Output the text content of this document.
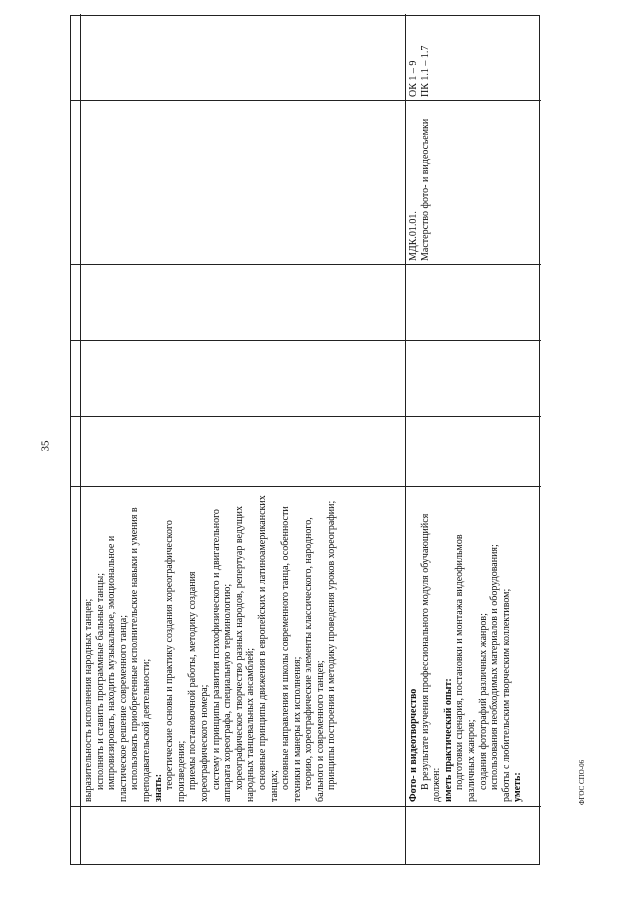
35
ФГОС СПО-06

выразительность исполнения народных танцев; исполнять и ставить программные бальные танцы; импровизировать, находить музыкальное, эмоциональное и пластическое решение современного танца; использовать приобретенные исполнительские навыки и умения в преподавательской деятельности; знать: теоретические основы и практику создания хореографического произведения; приемы постановочной работы, методику создания хореографического номера; систему и принципы развития психофизического и двигательного аппарата хореографа, специальную терминологию; хореографическое творчество разных народов, репертуар ведущих народных танцевальных ансамблей; основные принципы движения в европейских и латиноамериканских танцах; основные направления и школы современного танца, особенности техники и манеры их исполнения; теорию, хореографические элементы классического, народного, бального и современного танцев; принципы построения и методику проведения уроков хореографии;	Фото- и видеотворчество В результате изучения профессионального модуля обучающийся должен: иметь практический опыт: подготовки сценария, постановки и монтажа видеофильмов различных жанров; создания фотографий различных жанров; использования необходимых материалов и оборудования; работы с любительским творческим коллективом; уметь:

МДК.01.01. Мастерство фото- и видеосъемки
ОК 1 – 9 ПК 1.1 – 1.7
